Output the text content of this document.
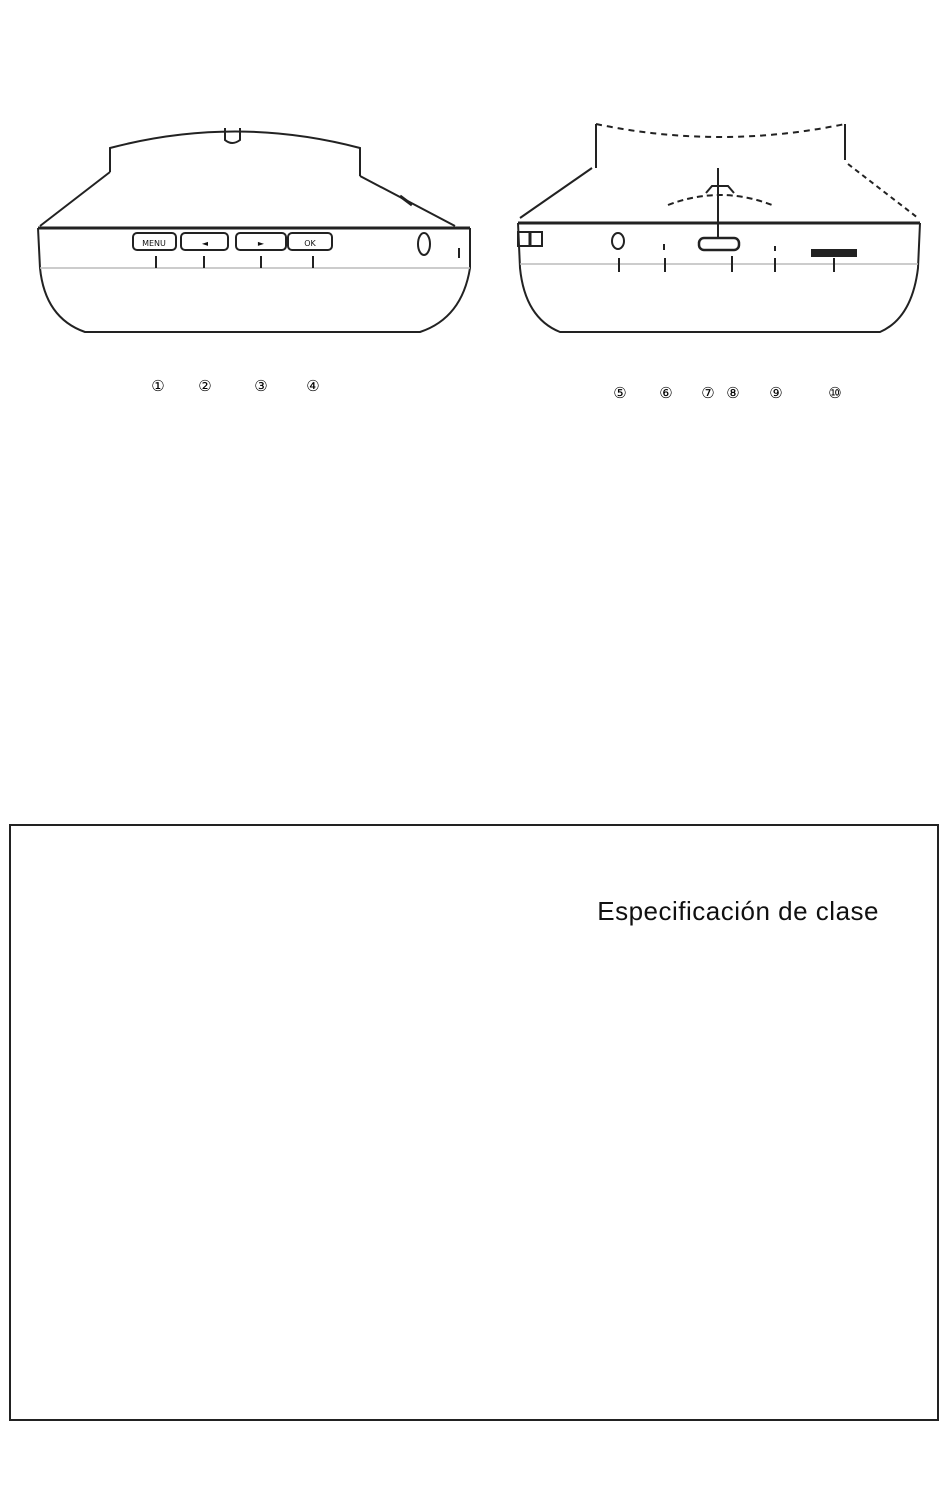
MENU	◄	►	OK
① ②	③	④	⑤ ⑥ ⑦ ⑧ ⑨	⑩
Especificación de clase
